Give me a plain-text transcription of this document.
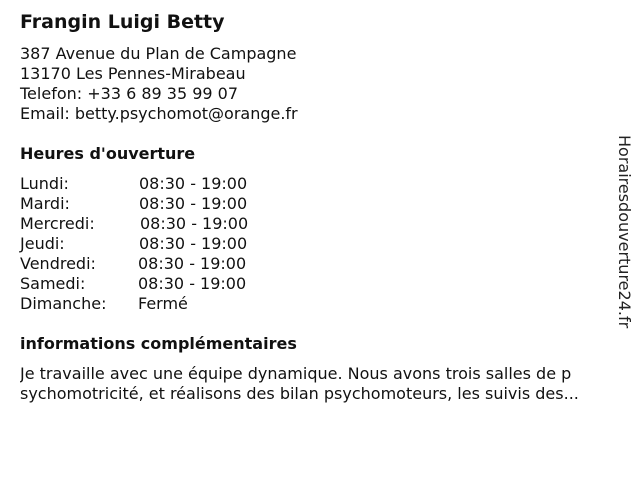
Frangin Luigi Betty
387 Avenue du Plan de Campagne
13170 Les Pennes-Mirabeau
Telefon: +33 6 89 35 99 07
Email: betty.psychomot@orange.fr
Heures d'ouverture
Lundi:	08:30 - 19:00
Mardi:	08:30 - 19:00
Mercredi:	08:30 - 19:00
Jeudi:	08:30 - 19:00
Vendredi:	08:30 - 19:00
Samedi:	08:30 - 19:00
Dimanche: Fermé
informations complémentaires
Je travaille avec une équipe dynamique. Nous avons trois salles de p
sychomotricité, et réalisons des bilan psychomoteurs, les suivis des...
Horairesdouverture24.fr
